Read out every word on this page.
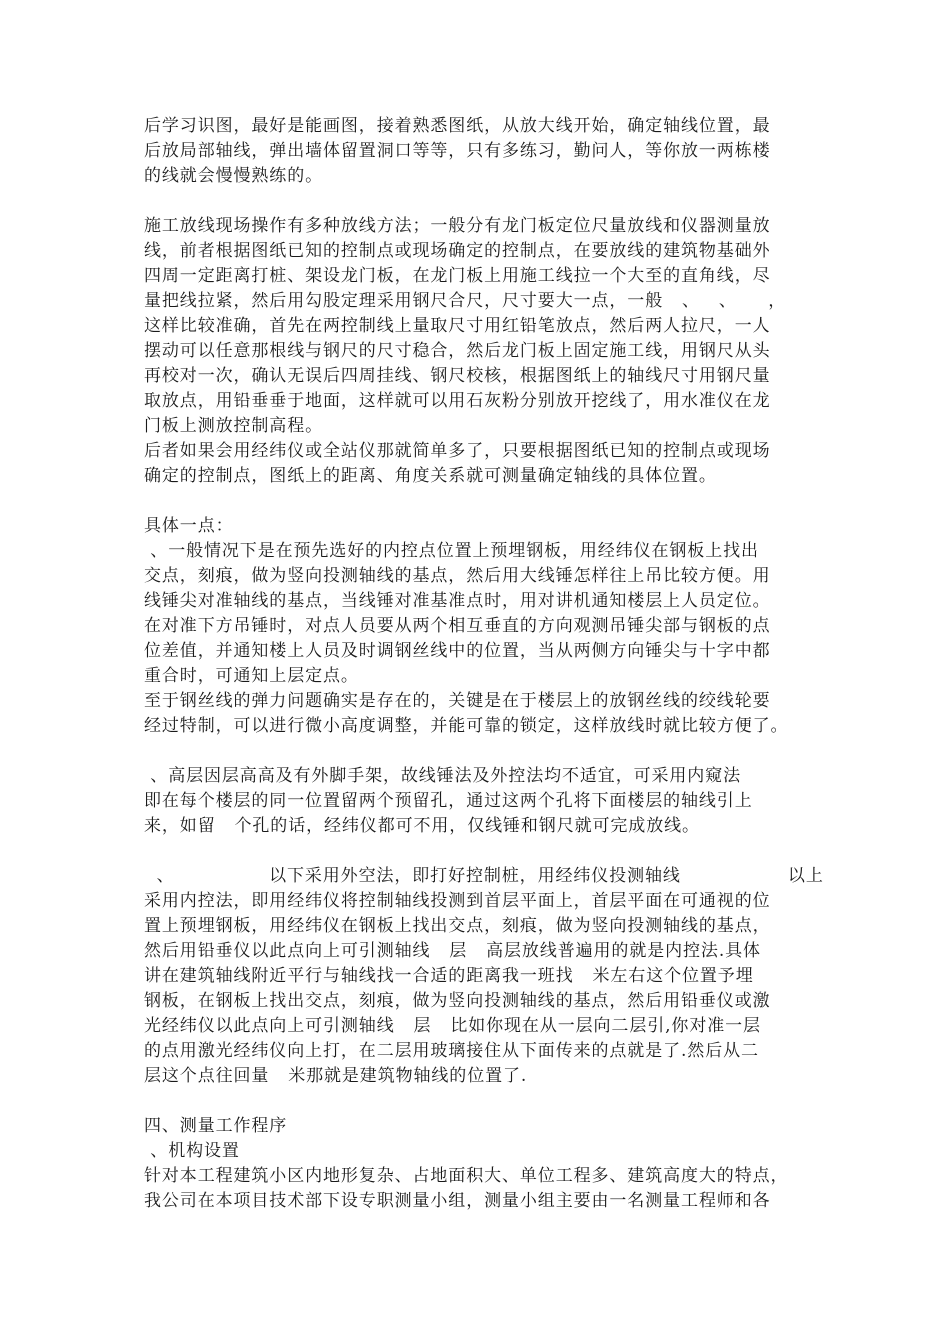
后学习识图，最好是能画图，接着熟悉图纸，从放大线开始，确定轴线位置，最
后放局部轴线，弹出墙体留置洞口等等，只有多练习，勤问人，等你放一两栋楼
的线就会慢慢熟练的。
施工放线现场操作有多种放线方法；一般分有龙门板定位尺量放线和仪器测量放
线，前者根据图纸已知的控制点或现场确定的控制点，在要放线的建筑物基础外
四周一定距离打桩、架设龙门板，在龙门板上用施工线拉一个大至的直角线，尽
量把线拉紧，然后用勾股定理采用钢尺合尺，尺寸要大一点，一般   、   、     ，
这样比较准确，首先在两控制线上量取尺寸用红铅笔放点，然后两人拉尺，一人
摆动可以任意那根线与钢尺的尺寸稳合，然后龙门板上固定施工线，用钢尺从头
再校对一次，确认无误后四周挂线、钢尺校核，根据图纸上的轴线尺寸用钢尺量
取放点，用铅垂垂于地面，这样就可以用石灰粉分别放开挖线了，用水准仪在龙
门板上测放控制高程。
后者如果会用经纬仪或全站仪那就简单多了，只要根据图纸已知的控制点或现场
确定的控制点，图纸上的距离、角度关系就可测量确定轴线的具体位置。
具体一点：
、一般情况下是在预先选好的内控点位置上预埋钢板，用经纬仪在钢板上找出
交点，刻痕，做为竖向投测轴线的基点，然后用大线锤怎样往上吊比较方便。用
线锤尖对准轴线的基点，当线锤对准基准点时，用对讲机通知楼层上人员定位。
在对准下方吊锤时，对点人员要从两个相互垂直的方向观测吊锤尖部与钢板的点
位差值，并通知楼上人员及时调钢丝线中的位置，当从两侧方向锤尖与十字中都
重合时，可通知上层定点。
至于钢丝线的弹力问题确实是存在的，关键是在于楼层上的放钢丝线的绞线轮要
经过特制，可以进行微小高度调整，并能可靠的锁定，这样放线时就比较方便了。
、高层因层高高及有外脚手架，故线锤法及外控法均不适宜，可采用内窥法
即在每个楼层的同一位置留两个预留孔，通过这两个孔将下面楼层的轴线引上
来，如留   个孔的话，经纬仪都可不用，仅线锤和钢尺就可完成放线。
、               以下采用外空法，即打好控制桩，用经纬仪投测轴线                 以上
采用内控法，即用经纬仪将控制轴线投测到首层平面上，首层平面在可通视的位
置上预埋钢板，用经纬仪在钢板上找出交点，刻痕，做为竖向投测轴线的基点，
然后用铅垂仪以此点向上可引测轴线   层   高层放线普遍用的就是内控法.具体
讲在建筑轴线附近平行与轴线找一合适的距离我一班找   米左右这个位置予埋
钢板，在钢板上找出交点，刻痕，做为竖向投测轴线的基点，然后用铅垂仪或激
光经纬仪以此点向上可引测轴线   层   比如你现在从一层向二层引,你对准一层
的点用激光经纬仪向上打，在二层用玻璃接住从下面传来的点就是了.然后从二
层这个点往回量   米那就是建筑物轴线的位置了.
四、测量工作程序
、机构设置
针对本工程建筑小区内地形复杂、占地面积大、单位工程多、建筑高度大的特点，
我公司在本项目技术部下设专职测量小组，测量小组主要由一名测量工程师和各
